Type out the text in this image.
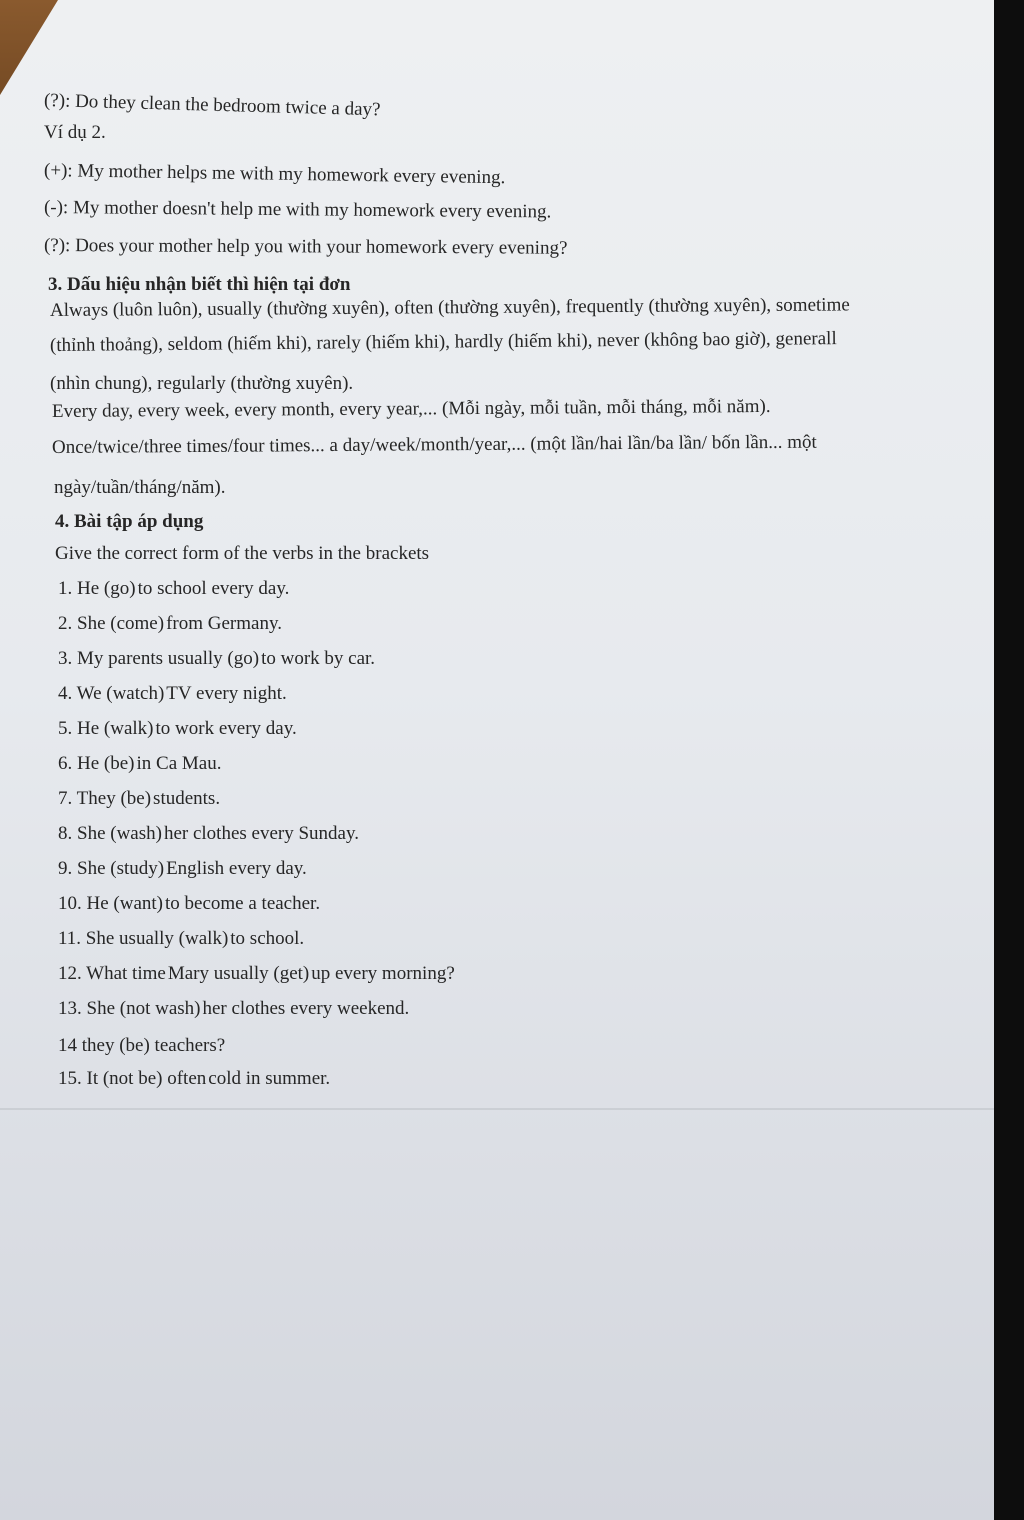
(?): Do they clean the bedroom twice a day?
Ví dụ 2.
(+): My mother helps me with my homework every evening.
(-): My mother doesn't help me with my homework every evening.
(?): Does your mother help you with your homework every evening?
3. Dấu hiệu nhận biết thì hiện tại đơn
Always (luôn luôn), usually (thường xuyên), often (thường xuyên), frequently (thường xuyên), sometime
(thỉnh thoảng), seldom (hiếm khi), rarely (hiếm khi), hardly (hiếm khi), never (không bao giờ), generall
(nhìn chung), regularly (thường xuyên).
Every day, every week, every month, every year,... (Mỗi ngày, mỗi tuần, mỗi tháng, mỗi năm).
Once/twice/three times/four times... a day/week/month/year,... (một lần/hai lần/ba lần/ bốn lần... một
ngày/tuần/tháng/năm).
4. Bài tập áp dụng
Give the correct form of the verbs in the brackets
1. He (go) to school every day.
2. She (come) from Germany.
3. My parents usually (go) to work by car.
4. We (watch) TV every night.
5. He (walk) to work every day.
6. He (be) in Ca Mau.
7. They (be) students.
8. She (wash) her clothes every Sunday.
9. She (study) English every day.
10. He (want) to become a teacher.
11. She usually (walk) to school.
12. What time Mary usually (get) up every morning?
13. She (not wash) her clothes every weekend.
14 they (be) teachers?
15. It (not be) often cold in summer.
